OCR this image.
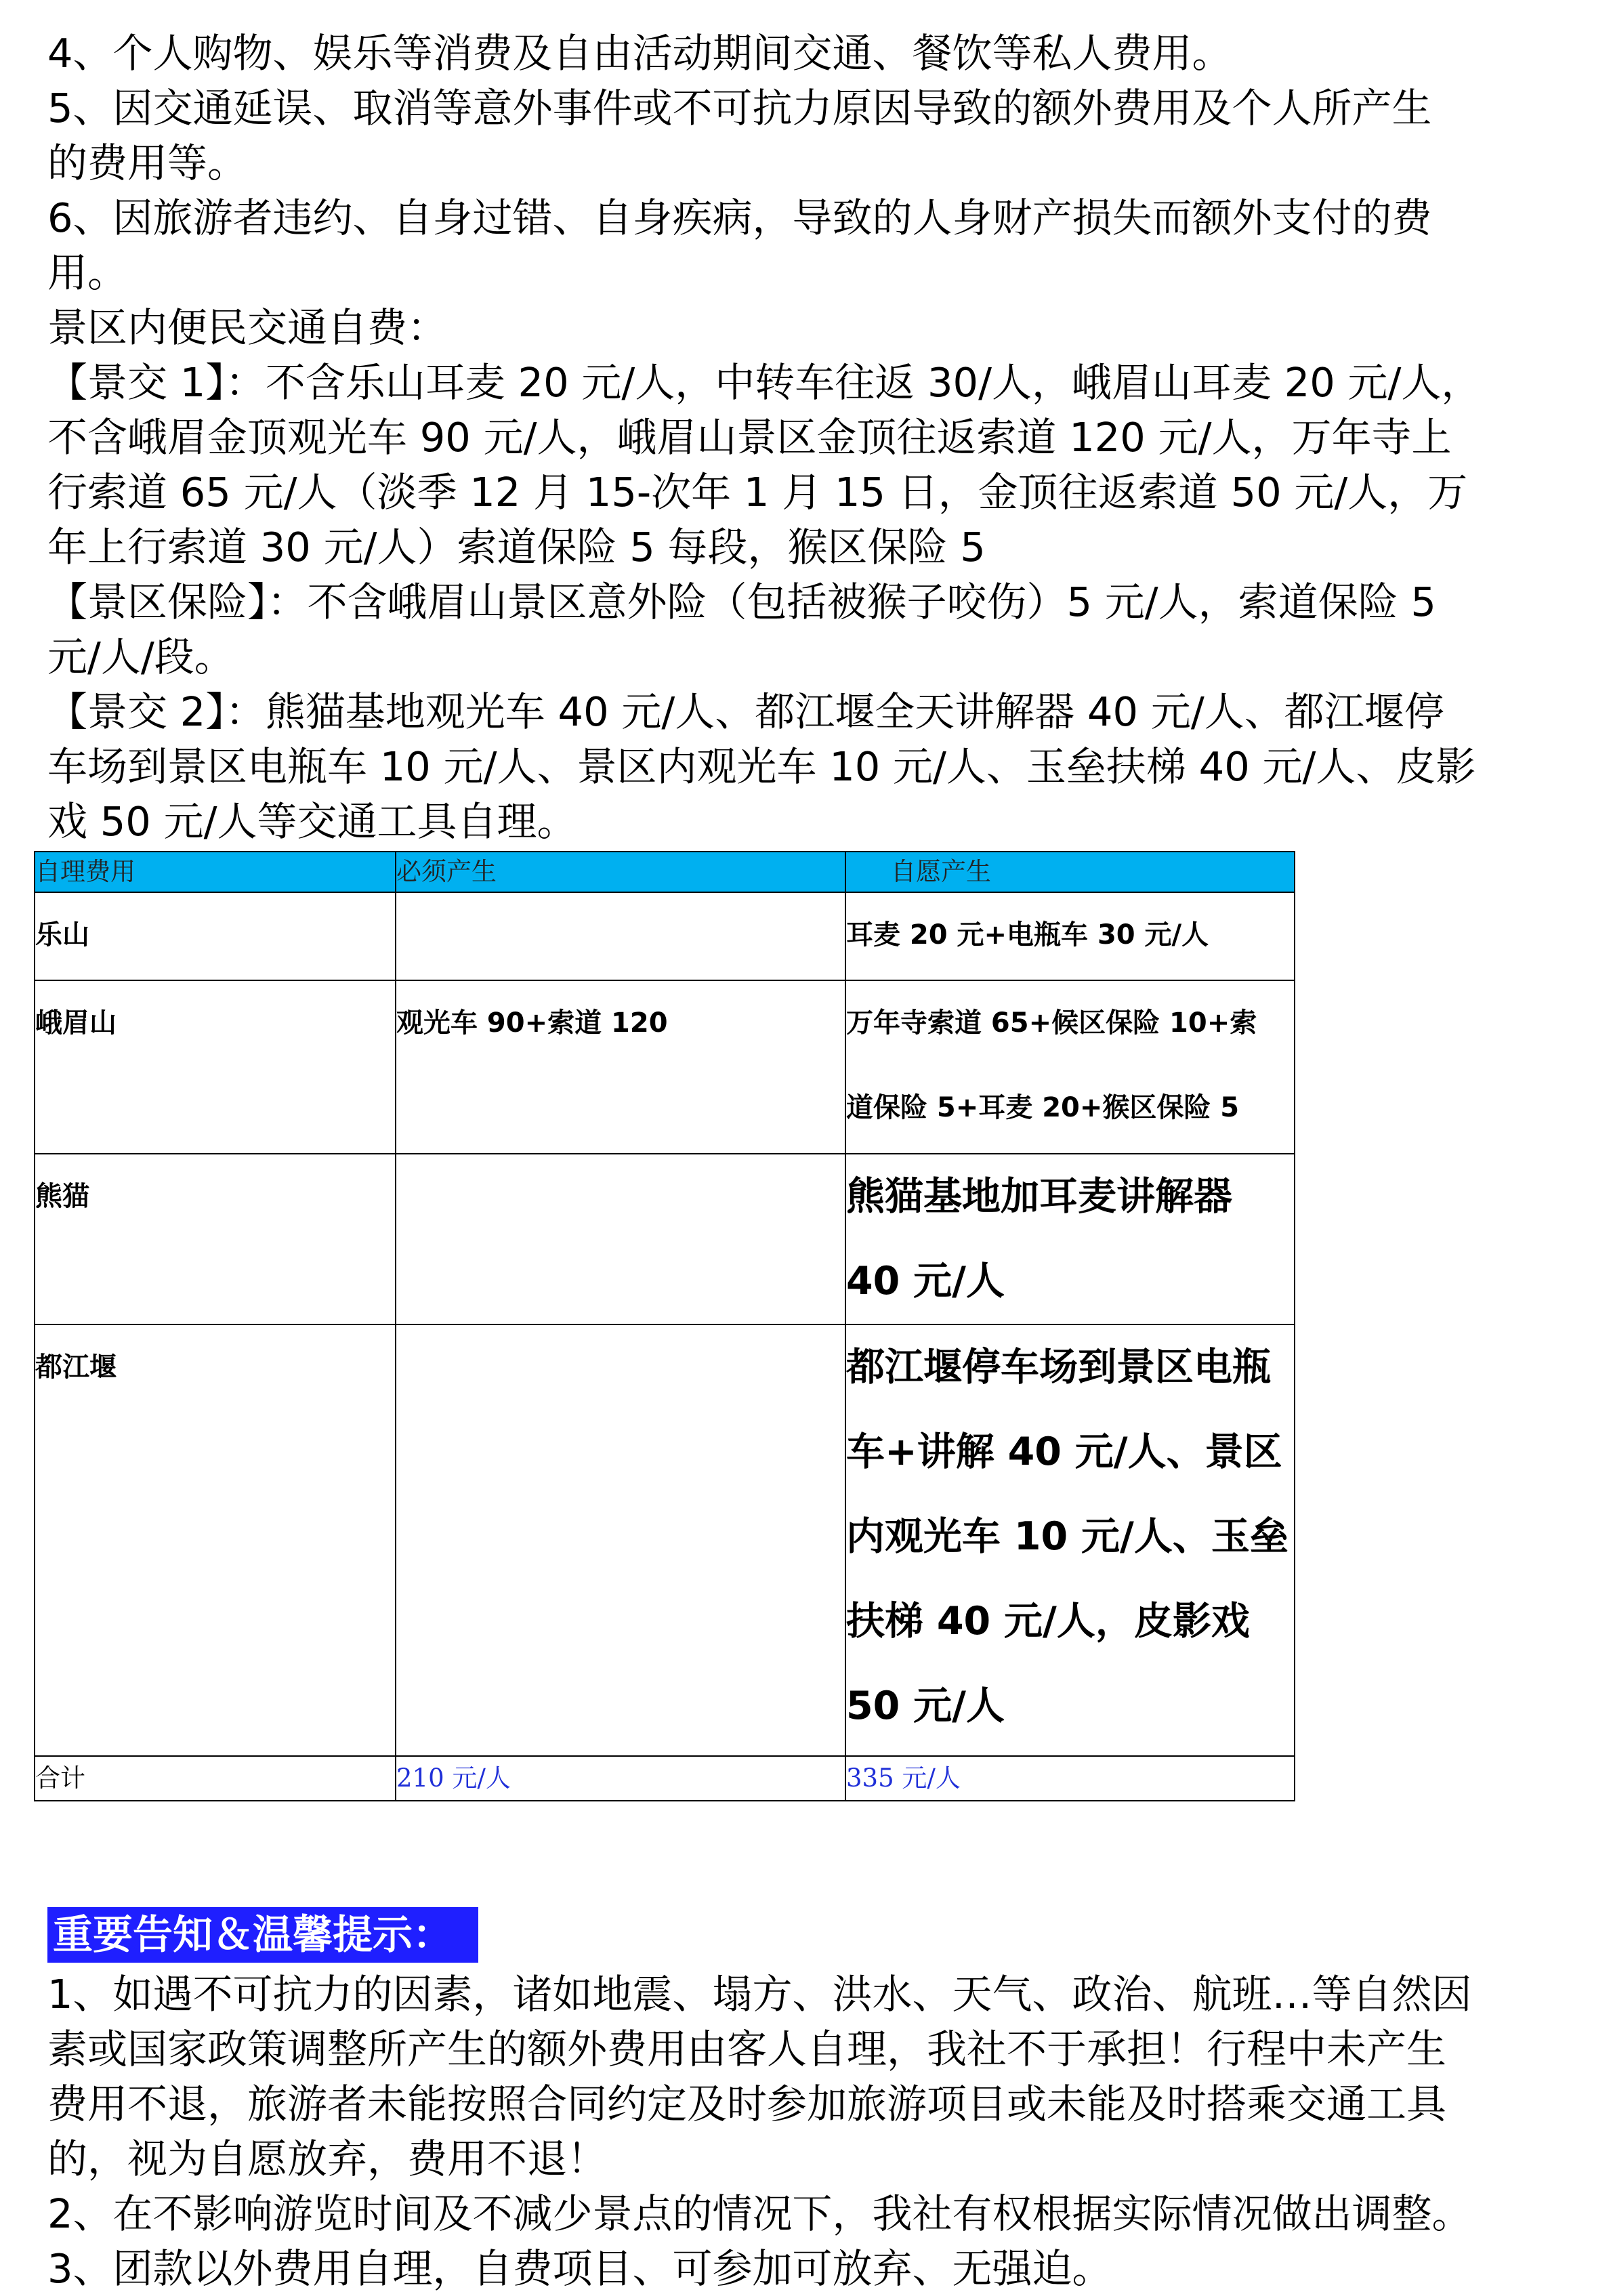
4、个人购物、娱乐等消费及自由活动期间交通、餐饮等私人费用。
5、因交通延误、取消等意外事件或不可抗力原因导致的额外费用及个人所产生
的费用等。
6、因旅游者违约、自身过错、自身疾病，导致的人身财产损失而额外支付的费
用。
景区内便民交通自费：
【景交 1】：不含乐山耳麦 20 元/人，中转车往返 30/人，峨眉山耳麦 20 元/人，
不含峨眉金顶观光车 90 元/人，峨眉山景区金顶往返索道 120 元/人，万年寺上
行索道 65 元/人（淡季 12 月 15-次年 1 月 15 日，金顶往返索道 50 元/人，万
年上行索道 30 元/人）索道保险 5 每段，猴区保险 5
【景区保险】：不含峨眉山景区意外险（包括被猴子咬伤）5 元/人，索道保险 5
元/人/段。
【景交 2】：熊猫基地观光车 40 元/人、都江堰全天讲解器 40 元/人、都江堰停
车场到景区电瓶车 10 元/人、景区内观光车 10 元/人、玉垒扶梯 40 元/人、皮影
戏 50 元/人等交通工具自理。
自理费用	必须产生	自愿产生

乐山		耳麦 20 元+电瓶车 30 元/人

峨眉山	观光车 90+索道 120	万年寺索道 65+候区保险 10+索
道保险 5+耳麦 20+猴区保险 5

熊猫		熊猫基地加耳麦讲解器
40 元/人

都江堰		都江堰停车场到景区电瓶
车+讲解 40 元/人、景区
内观光车 10 元/人、玉垒
扶梯 40 元/人，皮影戏
50 元/人

合计	210 元/人	335 元/人
重要告知＆温馨提示：
1、如遇不可抗力的因素，诸如地震、塌方、洪水、天气、政治、航班…等自然因
素或国家政策调整所产生的额外费用由客人自理，我社不于承担！行程中未产生
费用不退，旅游者未能按照合同约定及时参加旅游项目或未能及时搭乘交通工具
的，视为自愿放弃，费用不退！
2、在不影响游览时间及不减少景点的情况下，我社有权根据实际情况做出调整。
3、团款以外费用自理，自费项目、可参加可放弃、无强迫。
